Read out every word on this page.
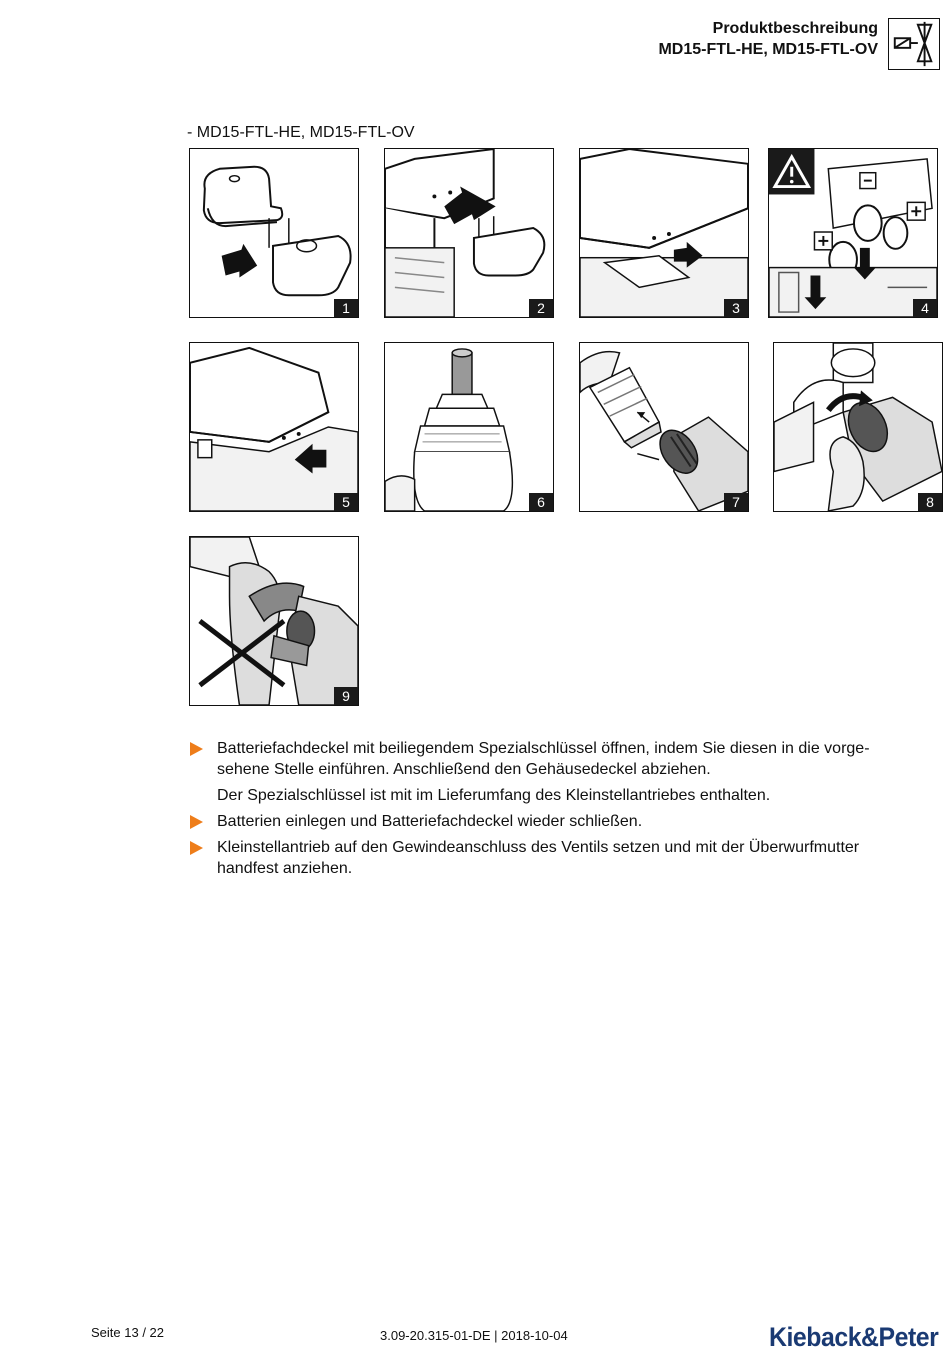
Produktbeschreibung
MD15-FTL-HE, MD15-FTL-OV
- MD15-FTL-HE, MD15-FTL-OV
1	2	3	4
5	6	7	8
9
Batteriefachdeckel mit beiliegendem Spezialschlüssel öffnen, indem Sie diesen in die vorge-sehene Stelle einführen. Anschließend den Gehäusedeckel abziehen.
Der Spezialschlüssel ist mit im Lieferumfang des Kleinstellantriebes enthalten.
Batterien einlegen und Batteriefachdeckel wieder schließen.
Kleinstellantrieb auf den Gewindeanschluss des Ventils setzen und mit der Überwurfmutter handfest anziehen.
Seite 13 / 22	3.09-20.315-01-DE | 2018-10-04	Kieback&Peter
